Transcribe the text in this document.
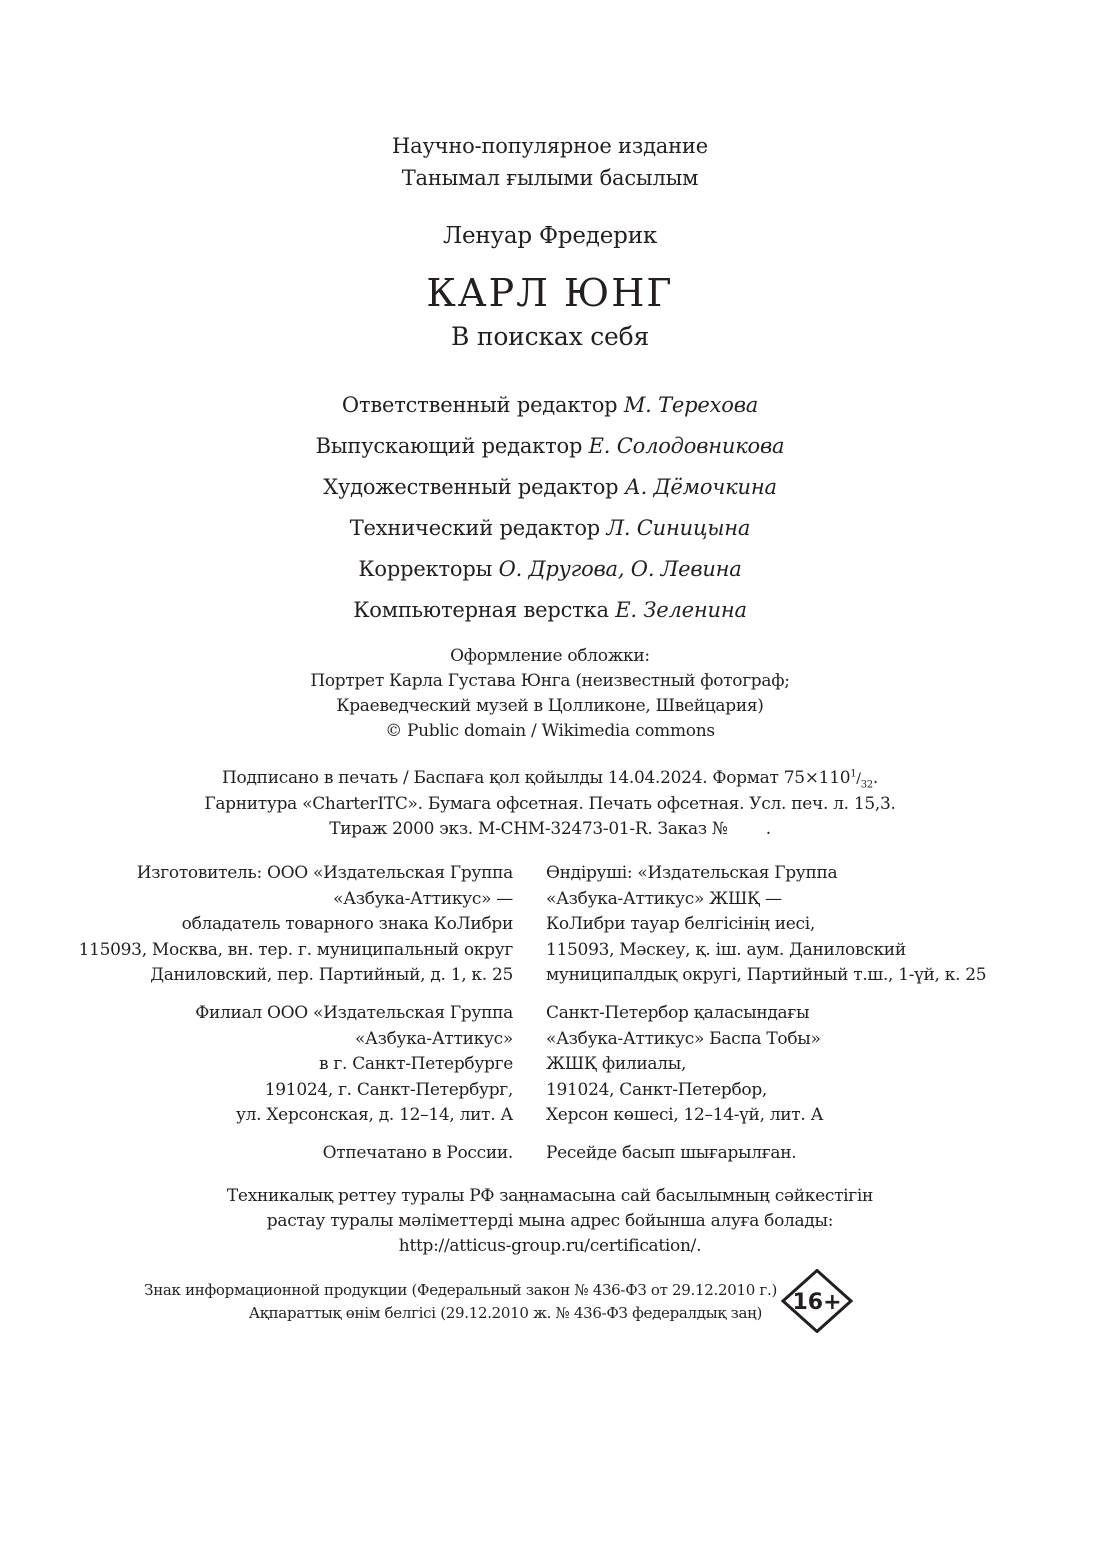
Научно-популярное издание
Танымал ғылыми басылым
Ленуар Фредерик
КАРЛ ЮНГ
В поисках себя
Ответственный редактор М. Терехова
Выпускающий редактор Е. Солодовникова
Художественный редактор А. Дёмочкина
Технический редактор Л. Синицына
Корректоры О. Другова, О. Левина
Компьютерная верстка Е. Зеленина
Оформление обложки:
Портрет Карла Густава Юнга (неизвестный фотограф;
Краеведческий музей в Цолликоне, Швейцария)
© Public domain / Wikimedia commons
Подписано в печать / Баспаға қол қойылды 14.04.2024. Формат $75\times 110^1/_{32}$.
Гарнитура «CharterITC». Бумага офсетная. Печать офсетная. Усл. печ. л. 15,3.
Тираж 2000 экз. M-CHM-32473-01-R. Заказ № .
Изготовитель: ООО «Издательская Группа
«Азбука-Аттикус» —
обладатель товарного знака КоЛибри
115093, Москва, вн. тер. г. муниципальный округ
Даниловский, пер. Партийный, д. 1, к. 25
Өндіруші: «Издательская Группа
«Азбука-Аттикус» ЖШҚ —
КоЛибри тауар белгісінің иесі,
115093, Мәскеу, қ. іш. аум. Даниловский
муниципалдық округі, Партийный т.ш., 1-үй, к. 25
Филиал ООО «Издательская Группа
«Азбука-Аттикус»
в г. Санкт-Петербурге
191024, г. Санкт-Петербург,
ул. Херсонская, д. 12–14, лит. А
Санкт-Петербор қаласындағы
«Азбука-Аттикус» Баспа Тобы»
ЖШҚ филиалы,
191024, Санкт-Петербор,
Херсон көшесі, 12–14-үй, лит. А
Отпечатано в России. Ресейде басып шығарылған.
Техникалық реттеу туралы РФ заңнамасына сай басылымның сәйкестігін
растау туралы мәліметтерді мына адрес бойынша алуға болады:
http://atticus-group.ru/certification/.
Знак информационной продукции (Федеральный закон № 436-ФЗ от 29.12.2010 г.)
Ақпараттық өнім белгісі (29.12.2010 ж. № 436-ФЗ федералдық заң) 16+
